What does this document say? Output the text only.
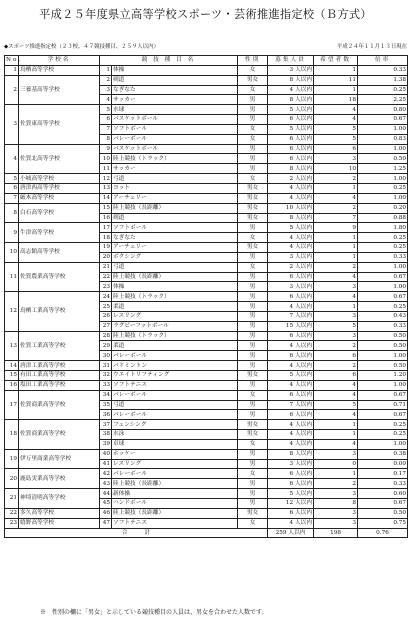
平成２５年度県立高等学校スポーツ・芸術推進指定校（Ｂ方式）
◆スポーツ推進指定校（２３校、４７競技種目、２５９人以内）	平成２４年１１月１３日現在
No.	学校名	競 技 種 目 名		性別	募集人員	希望者数	倍率
1	鳥栖高等学校	1	体操	女	3 人以内	1	0.33
2	三養基高等学校	2	剣道	男女	8 人以内	11	1.38
		3	なぎなた	女	4 人以内	1	0.25
		4	サッカー	男	8 人以内	18	2.25
3	佐賀東高等学校	5	水球	男	5 人以内	4	0.80
		6	バスケットボール	男	6 人以内	4	0.67
		7	ソフトボール	女	5 人以内	5	1.00
		8	バレーボール	女	6 人以内	5	0.83
4	佐賀北高等学校	9	バスケットボール	男	6 人以内	6	1.00
		10	陸上競技（トラック）	男	6 人以内	3	0.50
		11	サッカー	男	8 人以内	10	1.25
5	小城高等学校	12	弓道	女	2 人以内	2	1.00
6	唐津西高等学校	13	ヨット	男女	4 人以内	1	0.25
7	厳木高等学校	14	アーチェリー	男女	4 人以内	4	1.00
8	白石高等学校	15	陸上競技（長距離）	男女	10 人以内	2	0.20
		16	剣道	男女	8 人以内	7	0.88
9	牛津高等学校	17	ソフトボール	男	5 人以内	9	1.80
		18	なぎなた	女	4 人以内	1	0.25
10	高志館高等学校	19	アーチェリー	男女	4 人以内	1	0.25
		20	ボクシング	男	3 人以内	1	0.33
11	佐賀農業高等学校	21	弓道	女	2 人以内	2	1.00
		22	陸上競技（長距離）	男	6 人以内	4	0.67
		23	体操	男	3 人以内	3	1.00
12	鳥栖工業高等学校	24	陸上競技（トラック）	男	6 人以内	4	0.67
		25	柔道	男	4 人以内	1	0.25
		26	レスリング	男	7 人以内	3	0.43
		27	ラグビーフットボール	男	15 人以内	5	0.33
13	佐賀工業高等学校	28	陸上競技（トラック）	男	6 人以内	3	0.50
		29	柔道	男	4 人以内	2	0.50
		30	バレーボール	男	6 人以内	6	1.00
14	唐津工業高等学校	31	バドミントン	男	4 人以内	2	0.50
15	有田工業高等学校	32	ウエイトリフティング	男女	5 人以内	6	1.20
16	塩田工業高等学校	33	ソフトテニス	男	4 人以内	4	1.00
17	佐賀商業高等学校	34	バレーボール	女	6 人以内	4	0.67
		35	弓道	男	7 人以内	5	0.71
		36	バレーボール	男	6 人以内	4	0.67
18	佐賀商業高等学校	37	フェンシング	男女	4 人以内	1	0.25
		38	水泳	男女	4 人以内	1	0.25
		39	卓球	女	4 人以内	4	1.00
19	伊万里商業高等学校	40	ホッケー	男	8 人以内	3	0.38
		41	レスリング	男	3 人以内	0	0.00
20	鹿島実業高等学校	42	バレーボール	女	6 人以内	1	0.17
		43	陸上競技（長距離）	男	6 人以内	2	0.33
21	神埼清明高等学校	44	新体操	男	5 人以内	3	0.60
		45	ハンドボール	男	12 人以内	8	0.67
22	多久高等学校	46	陸上競技（長距離）	男女	6 人以内	3	0.50
23	嬉野高等学校	47	ソフトテニス	女	4 人以内	3	0.75
合　　　計					259 人以内	198	0.76
※　性別の欄に「男女」と示している競技種目の人員は、男女を合わせた人数です。
